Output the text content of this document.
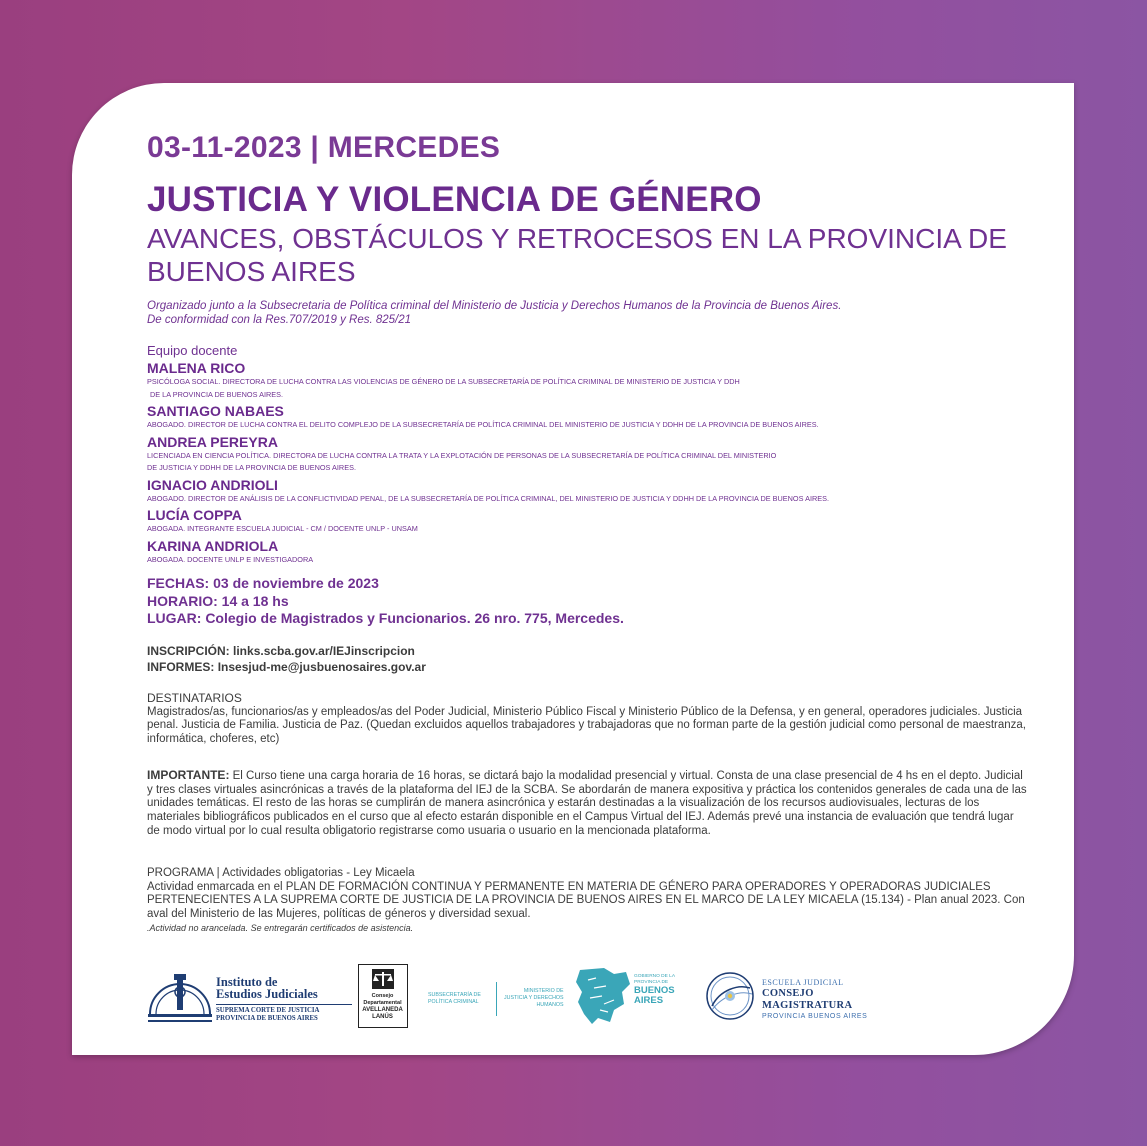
03-11-2023 | MERCEDES

JUSTICIA Y VIOLENCIA DE GÉNERO

AVANCES, OBSTÁCULOS Y RETROCESOS EN LA PROVINCIA DE BUENOS AIRES

Organizado junto a la Subsecretaria de Política criminal del Ministerio de Justicia y Derechos Humanos de la Provincia de Buenos Aires.
De conformidad con la Res.707/2019 y Res. 825/21
Equipo docente
MALENA RICO
PSICÓLOGA SOCIAL. DIRECTORA DE LUCHA CONTRA LAS VIOLENCIAS DE GÉNERO DE LA SUBSECRETARÍA DE POLÍTICA CRIMINAL DE MINISTERIO DE JUSTICIA Y DDH
DE LA PROVINCIA DE BUENOS AIRES.
SANTIAGO NABAES
ABOGADO. DIRECTOR DE LUCHA CONTRA EL DELITO COMPLEJO DE LA SUBSECRETARÍA DE POLÍTICA CRIMINAL DEL MINISTERIO DE JUSTICIA Y DDHH DE LA PROVINCIA DE BUENOS AIRES.
ANDREA PEREYRA
LICENCIADA EN CIENCIA POLÍTICA. DIRECTORA DE LUCHA CONTRA LA TRATA Y LA EXPLOTACIÓN DE PERSONAS DE LA SUBSECRETARÍA DE POLÍTICA CRIMINAL DEL MINISTERIO
DE JUSTICIA Y DDHH DE LA PROVINCIA DE BUENOS AIRES.
IGNACIO ANDRIOLI
ABOGADO. DIRECTOR DE ANÁLISIS DE LA CONFLICTIVIDAD PENAL, DE LA SUBSECRETARÍA DE POLÍTICA CRIMINAL, DEL MINISTERIO DE JUSTICIA Y DDHH DE LA PROVINCIA DE BUENOS AIRES.
LUCÍA COPPA
ABOGADA. INTEGRANTE ESCUELA JUDICIAL - CM / DOCENTE UNLP - UNSAM
KARINA ANDRIOLA
ABOGADA. DOCENTE UNLP E INVESTIGADORA
FECHAS: 03 de noviembre de 2023
HORARIO: 14 a 18 hs
LUGAR: Colegio de Magistrados y Funcionarios. 26 nro. 775, Mercedes.
INSCRIPCIÓN: links.scba.gov.ar/IEJinscripcion
INFORMES: Insesjud-me@jusbuenosaires.gov.ar
DESTINATARIOS
Magistrados/as, funcionarios/as y empleados/as del Poder Judicial, Ministerio Público Fiscal y Ministerio Público de la Defensa, y en general, operadores judiciales. Justicia penal. Justicia de Familia. Justicia de Paz. (Quedan excluidos aquellos trabajadores y trabajadoras que no forman parte de la gestión judicial como personal de maestranza, informática, choferes, etc)
IMPORTANTE: El Curso tiene una carga horaria de 16 horas, se dictará bajo la modalidad presencial y virtual. Consta de una clase presencial de 4 hs en el depto. Judicial y tres clases virtuales asincrónicas a través de la plataforma del IEJ de la SCBA. Se abordarán de manera expositiva y práctica los contenidos generales de cada una de las unidades temáticas. El resto de las horas se cumplirán de manera asincrónica y estarán destinadas a la visualización de los recursos audiovisuales, lecturas de los materiales bibliográficos publicados en el curso que al efecto estarán disponible en el Campus Virtual del IEJ. Además prevé una instancia de evaluación que tendrá lugar de modo virtual por lo cual resulta obligatorio registrarse como usuaria o usuario en la mencionada plataforma.
PROGRAMA | Actividades obligatorias - Ley Micaela
Actividad enmarcada en el PLAN DE FORMACIÓN CONTINUA Y PERMANENTE EN MATERIA DE GÉNERO PARA OPERADORES Y OPERADORAS JUDICIALES PERTENECIENTES A LA SUPREMA CORTE DE JUSTICIA DE LA PROVINCIA DE BUENOS AIRES EN EL MARCO DE LA LEY MICAELA (15.134) - Plan anual 2023. Con aval del Ministerio de las Mujeres, políticas de géneros y diversidad sexual.
.Actividad no arancelada. Se entregarán certificados de asistencia.
Instituto de
Estudios Judiciales
SUPREMA CORTE DE JUSTICIA
PROVINCIA DE BUENOS AIRES
Consejo
Departamental
AVELLANEDA
LANÚS
SUBSECRETARÍA DE
POLÍTICA CRIMINAL
MINISTERIO DE
JUSTICIA Y DERECHOS
HUMANOS
GOBIERNO DE LA
PROVINCIA DE
BUENOS
AIRES
ESCUELA JUDICIAL
CONSEJO MAGISTRATURA
PROVINCIA BUENOS AIRES
